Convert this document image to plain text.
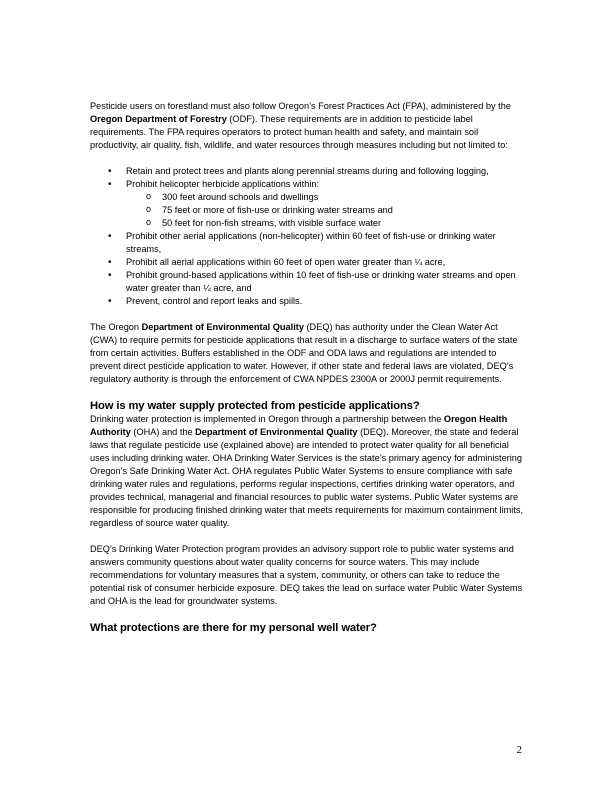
Pesticide users on forestland must also follow Oregon’s Forest Practices Act (FPA), administered by the Oregon Department of Forestry (ODF). These requirements are in addition to pesticide label requirements. The FPA requires operators to protect human health and safety, and maintain soil productivity, air quality, fish, wildlife, and water resources through measures including but not limited to:

• Retain and protect trees and plants along perennial streams during and following logging,
• Prohibit helicopter herbicide applications within:
o 300 feet around schools and dwellings
o 75 feet or more of fish-use or drinking water streams and
o 50 feet for non-fish streams, with visible surface water
• Prohibit other aerial applications (non-helicopter) within 60 feet of fish-use or drinking water streams,
• Prohibit all aerial applications within 60 feet of open water greater than ¼ acre,
• Prohibit ground-based applications within 10 feet of fish-use or drinking water streams and open water greater than ¼ acre, and
• Prevent, control and report leaks and spills.

The Oregon Department of Environmental Quality (DEQ) has authority under the Clean Water Act (CWA) to require permits for pesticide applications that result in a discharge to surface waters of the state from certain activities. Buffers established in the ODF and ODA laws and regulations are intended to prevent direct pesticide application to water. However, if other state and federal laws are violated, DEQ’s regulatory authority is through the enforcement of CWA NPDES 2300A or 2000J permit requirements.

How is my water supply protected from pesticide applications?

Drinking water protection is implemented in Oregon through a partnership between the Oregon Health Authority (OHA) and the Department of Environmental Quality (DEQ). Moreover, the state and federal laws that regulate pesticide use (explained above) are intended to protect water quality for all beneficial uses including drinking water. OHA Drinking Water Services is the state’s primary agency for administering Oregon’s Safe Drinking Water Act. OHA regulates Public Water Systems to ensure compliance with safe drinking water rules and regulations, performs regular inspections, certifies drinking water operators, and provides technical, managerial and financial resources to public water systems. Public Water systems are responsible for producing finished drinking water that meets requirements for maximum containment limits, regardless of source water quality.

DEQ’s Drinking Water Protection program provides an advisory support role to public water systems and answers community questions about water quality concerns for source waters. This may include recommendations for voluntary measures that a system, community, or others can take to reduce the potential risk of consumer herbicide exposure. DEQ takes the lead on surface water Public Water Systems and OHA is the lead for groundwater systems.

What protections are there for my personal well water?
2
